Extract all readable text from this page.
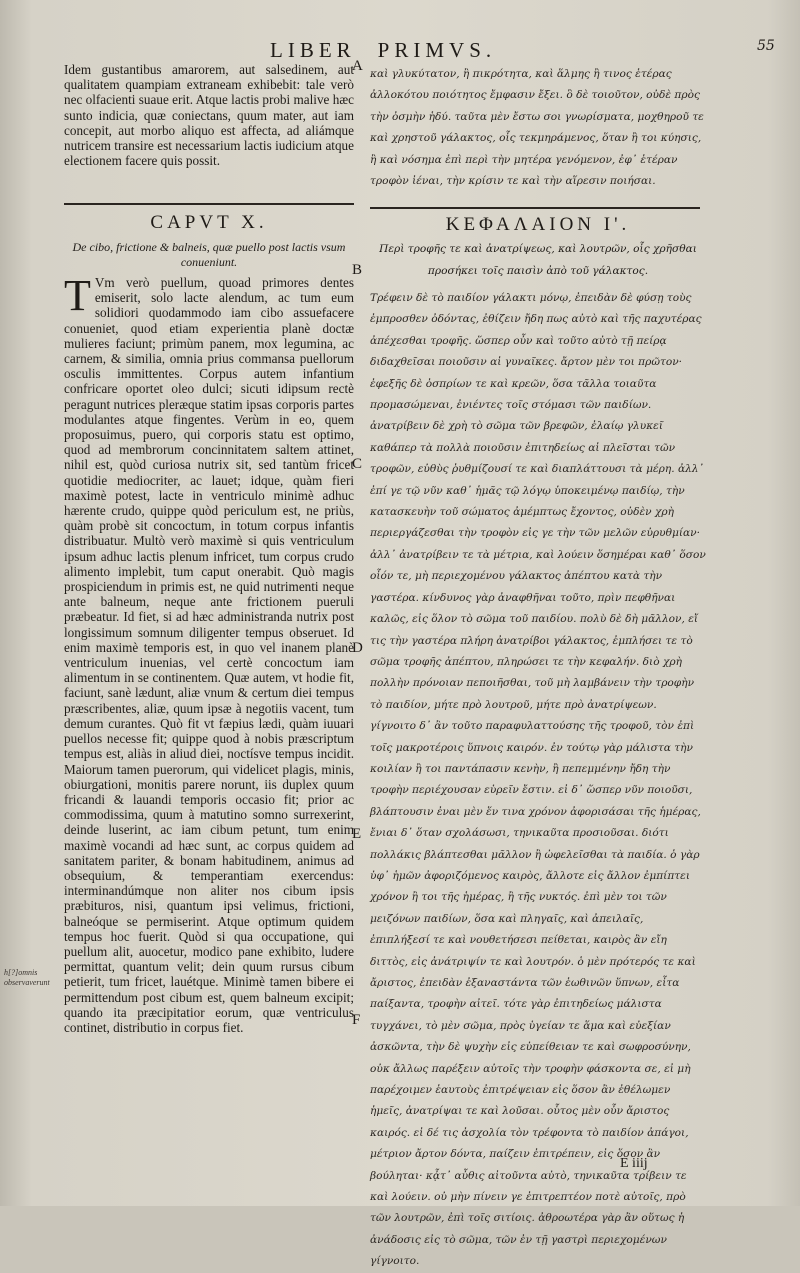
LIBER PRIMVS.	55
Idem gustantibus amarorem, aut salsedinem, aut qualitatem quampiam extraneam exhibebit: tale verò nec olfacienti suaue erit. Atque lactis probi malive hæc sunto indicia, quæ coniectans, quum mater, aut iam concepit, aut morbo aliquo est affecta, ad aliámque nutricem transire est necessarium lactis iudicium atque electionem facere quis possit.
καὶ γλυκύτατον, ἢ πικρότητα, καὶ ἅλμης ἢ τινος ἑτέρας ἀλλοκότου ποιότητος ἔμφασιν ἔξει. ὃ δὲ τοιοῦτον, οὐδὲ πρὸς τὴν ὀσμὴν ἡδύ. ταῦτα μὲν ἔστω σοι γνωρίσματα, μοχθηροῦ τε καὶ χρηστοῦ γάλακτος, οἷς τεκμηράμενος, ὅταν ἢ τοι κύησις, ἢ καὶ νόσημα ἐπὶ περὶ τὴν μητέρα γενόμενον, ἐφ᾽ ἑτέραν τροφὸν ἰέναι, τὴν κρίσιν τε καὶ τὴν αἵρεσιν ποιήσαι.
CAPVT X.	ΚΕΦΑΛΑΙΟΝ Ι'.
De cibo, frictione & balneis, quæ puello post lactis vsum conueniunt.
Περὶ τροφῆς τε καὶ ἀνατρίψεως, καὶ λουτρῶν, οἷς χρῆσθαι προσήκει τοῖς παισὶν ἀπὸ τοῦ γάλακτος.
T Vm verò puellum, quoad primores dentes emiserit, solo lacte alendum, ac tum eum solidiori quodammodo iam cibo assuefacere conueniet, quod etiam experientia planè doctæ mulieres faciunt; primùm panem, mox legumina, ac carnem, & similia, omnia prius commansa puellorum osculis immittentes. Corpus autem infantium confricare oportet oleo dulci; sicuti idipsum rectè peragunt nutrices pleræque statim ipsas corporis partes modulantes atque fingentes. Verùm in eo, quem proposuimus, puero, qui corporis statu est optimo, quod ad membrorum concinnitatem saltem attinet, nihil est, quòd curiosa nutrix sit, sed tantùm fricet quotidie mediocriter, ac lauet; idque, quàm fieri maximè potest, lacte in ventriculo minimè adhuc hærente crudo, quippe quòd periculum est, ne priùs, quàm probè sit concoctum, in totum corpus infantis distribuatur. Multò verò maximè si quis ventriculum ipsum adhuc lactis plenum infricet, tum corpus crudo alimento implebit, tum caput onerabit. Quò magis prospiciendum in primis est, ne quid nutrimenti neque ante balneum, neque ante frictionem pueruli præbeatur. Id fiet, si ad hæc administranda nutrix post longissimum somnum diligenter tempus obseruet. Id enim maximè temporis est, in quo vel inanem planè ventriculum inuenias, vel certè concoctum iam alimentum in se continentem. Quæ autem, vt hodie fit, faciunt, sanè lædunt, aliæ vnum & certum diei tempus præscribentes, aliæ, quum ipsæ à negotiis vacent, tum demum curantes. Quò fit vt fæpius lædi, quàm iuuari puellos necesse fit; quippe quod à nobis præscriptum tempus est, aliàs in aliud diei, noctísve tempus incidit. Maiorum tamen puerorum, qui videlicet plagis, minis, obiurgationi, monitis parere norunt, iis duplex quum fricandi & lauandi temporis occasio fit; prior ac commodissima, quum à matutino somno surrexerint, deinde luserint, ac iam cibum petunt, tum enim maximè vocandi ad hæc sunt, ac corpus quidem ad sanitatem pariter, & bonam habitudinem, animus ad obsequium, & temperantiam exercendus: interminandúmque non aliter nos cibum ipsis præbituros, nisi, quantum ipsi velimus, frictioni, balneóque se permiserint. Atque optimum quidem tempus hoc fuerit. Quòd si qua occupatione, qui puellum alit, auocetur, modico pane exhibito, ludere permittat, quantum velit; dein quum rursus cibum petierit, tum fricet, lauétque. Minimè tamen bibere ei permittendum post cibum est, quem balneum excipit; quando ita præcipitatior eorum, quæ ventriculus continet, distributio in corpus fiet.
Τρέφειν δὲ τὸ παιδίον γάλακτι μόνῳ, ἐπειδὰν δὲ φύσῃ τοὺς ἐμπροσθεν ὀδόντας, ἐθίζειν ἤδη πως αὐτὸ καὶ τῆς παχυτέρας ἀπέχεσθαι τροφῆς. ὥσπερ οὖν καὶ τοῦτο αὐτὸ τῇ πείρᾳ διδαχθεῖσαι ποιοῦσιν αἱ γυναῖκες. ἄρτον μὲν τοι πρῶτον· ἐφεξῆς δὲ ὀσπρίων τε καὶ κρεῶν, ὅσα τᾶλλα τοιαῦτα προμασώμεναι, ἐνιέντες τοῖς στόμασι τῶν παιδίων. ἀνατρίβειν δὲ χρὴ τὸ σῶμα τῶν βρεφῶν, ἐλαίῳ γλυκεῖ καθάπερ τὰ πολλὰ ποιοῦσιν ἐπιτηδείως αἱ πλεῖσται τῶν τροφῶν, εὐθὺς ῥυθμίζουσί τε καὶ διαπλάττουσι τὰ μέρη. ἀλλ᾽ ἐπί γε τῷ νῦν καθ᾽ ἡμᾶς τῷ λόγῳ ὑποκειμένῳ παιδίῳ, τὴν κατασκευὴν τοῦ σώματος ἀμέμπτως ἔχοντος, οὐδὲν χρὴ περιεργάζεσθαι τὴν τροφὸν εἰς γε τὴν τῶν μελῶν εὐρυθμίαν· ἀλλ᾽ ἀνατρίβειν τε τὰ μέτρια, καὶ λούειν ὅσημέραι καθ᾽ ὅσον οἷόν τε, μὴ περιεχομένου γάλακτος ἀπέπτου κατὰ τὴν γαστέρα. κίνδυνος γὰρ ἀναφθῆναι τοῦτο, πρὶν πεφθῆναι καλῶς, εἰς ὅλον τὸ σῶμα τοῦ παιδίου. πολὺ δὲ δὴ μᾶλλον, εἴ τις τὴν γαστέρα πλήρη ἀνατρίβοι γάλακτος, ἐμπλήσει τε τὸ σῶμα τροφῆς ἀπέπτου, πληρώσει τε τὴν κεφαλήν. διὸ χρὴ πολλὴν πρόνοιαν πεποιῆσθαι, τοῦ μὴ λαμβάνειν τὴν τροφὴν τὸ παιδίον, μήτε πρὸ λουτροῦ, μήτε πρὸ ἀνατρίψεων. γίγνοιτο δ᾽ ἂν τοῦτο παραφυλαττούσης τῆς τροφοῦ, τὸν ἐπὶ τοῖς μακροτέροις ὕπνοις καιρόν. ἐν τούτῳ γὰρ μάλιστα τὴν κοιλίαν ἢ τοι παντάπασιν κενὴν, ἢ πεπεμμένην ἤδη τὴν τροφὴν περιέχουσαν εὑρεῖν ἔστιν. εἰ δ᾽ ὥσπερ νῦν ποιοῦσι, βλάπτουσιν ἐναι μὲν ἕν τινα χρόνον ἀφορισάσαι τῆς ἡμέρας, ἔνιαι δ᾽ ὅταν σχολάσωσι, τηνικαῦτα προσιοῦσαι. διότι πολλάκις βλάπτεσθαι μᾶλλον ἢ ὠφελεῖσθαι τὰ παιδία. ὁ γὰρ ὑφ᾽ ἡμῶν ἀφοριζόμενος καιρὸς, ἄλλοτε εἰς ἄλλον ἐμπίπτει χρόνον ἢ τοι τῆς ἡμέρας, ἢ τῆς νυκτός. ἐπὶ μὲν τοι τῶν μειζόνων παιδίων, ὅσα καὶ πληγαῖς, καὶ ἀπειλαῖς, ἐπιπλήξεσί τε καὶ νουθετήσεσι πείθεται, καιρὸς ἂν εἴη διττὸς, εἰς ἀνάτριψίν τε καὶ λουτρόν. ὁ μὲν πρότερός τε καὶ ἄριστος, ἐπειδὰν ἐξαναστάντα τῶν ἑωθινῶν ὕπνων, εἶτα παίξαντα, τροφὴν αἰτεῖ. τότε γὰρ ἐπιτηδείως μάλιστα τυγχάνει, τὸ μὲν σῶμα, πρὸς ὑγείαν τε ἅμα καὶ εὐεξίαν ἀσκῶντα, τὴν δὲ ψυχὴν εἰς εὐπείθειαν τε καὶ σωφροσύνην, οὐκ ἄλλως παρέξειν αὐτοῖς τὴν τροφὴν φάσκοντα σε, εἰ μὴ παρέχοιμεν ἑαυτοὺς ἐπιτρέψειαν εἰς ὅσον ἂν ἐθέλωμεν ἡμεῖς, ἀνατρίψαι τε καὶ λοῦσαι. οὗτος μὲν οὖν ἄριστος καιρός. εἰ δέ τις ἀσχολία τὸν τρέφοντα τὸ παιδίον ἀπάγοι, μέτριον ἄρτον δόντα, παίζειν ἐπιτρέπειν, εἰς ὅσον ἂν βούληται· κᾆτ᾽ αὖθις αἰτοῦντα αὐτὸ, τηνικαῦτα τρίβειν τε καὶ λούειν. οὐ μὴν πίνειν γε ἐπιτρεπτέον ποτὲ αὐτοῖς, πρὸ τῶν λουτρῶν, ἐπὶ τοῖς σιτίοις. ἀθροωτέρα γὰρ ἂν οὕτως ἡ ἀνάδοσις εἰς τὸ σῶμα, τῶν ἐν τῇ γαστρὶ περιεχομένων γίγνοιτο.
A
B
C
D
E
F
h[?]omnis observaverunt
E iiij
